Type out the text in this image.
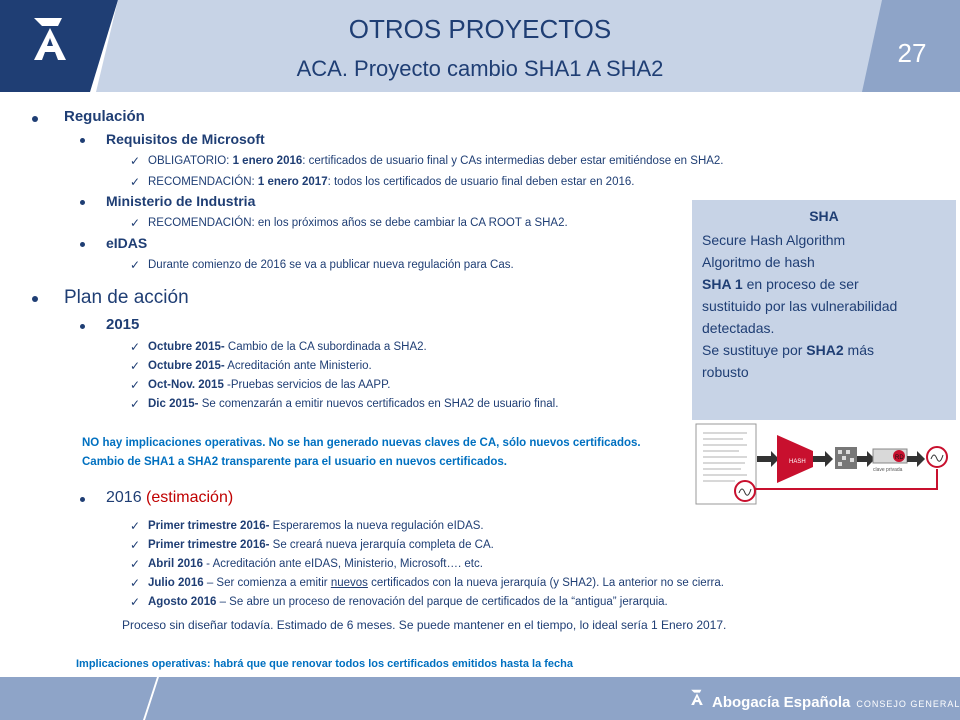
OTROS PROYECTOS
ACA. Proyecto cambio SHA1 A SHA2
27
Regulación
Requisitos de Microsoft
✓ OBLIGATORIO: 1 enero 2016: certificados de usuario final y CAs intermedias deber estar emitiéndose en SHA2.
✓ RECOMENDACIÓN: 1 enero 2017: todos los certificados de usuario final deben estar en 2016.
Ministerio de Industria
✓ RECOMENDACIÓN: en los próximos años se debe cambiar la CA ROOT a SHA2.
eIDAS
✓ Durante comienzo de 2016 se va a publicar nueva regulación para Cas.
Plan de acción
2015
✓ Octubre 2015- Cambio de la CA subordinada a SHA2.
✓ Octubre 2015- Acreditación ante Ministerio.
✓ Oct-Nov. 2015 -Pruebas servicios de las AAPP.
✓ Dic 2015- Se comenzarán a emitir nuevos certificados en SHA2 de usuario final.
NO hay implicaciones operativas. No se han generado nuevas claves de CA, sólo nuevos certificados.
Cambio de SHA1 a SHA2 transparente para el usuario en nuevos certificados.
2016 (estimación)
✓ Primer trimestre 2016- Esperaremos la nueva regulación eIDAS.
✓ Primer trimestre 2016- Se creará nueva jerarquía completa de CA.
✓ Abril 2016 - Acreditación ante eIDAS, Ministerio, Microsoft…. etc.
✓ Julio 2016 – Ser comienza a emitir nuevos certificados con la nueva jerarquía (y SHA2). La anterior no se cierra.
✓ Agosto 2016 – Se abre un proceso de renovación del parque de certificados de la “antigua” jerarquia.
Proceso sin diseñar todavía. Estimado de 6 meses. Se puede mantener en el tiempo, lo ideal sería 1 Enero 2017.
Implicaciones operativas: habrá que que renovar todos los certificados emitidos hasta la fecha
SHA
Secure Hash Algorithm
Algoritmo de hash
SHA 1 en proceso de ser
sustituido por las vulnerabilidad
detectadas.
Se sustituye por SHA2 más
robusto
HASH
RD
clave privada
Abogacía Española CONSEJO GENERAL
